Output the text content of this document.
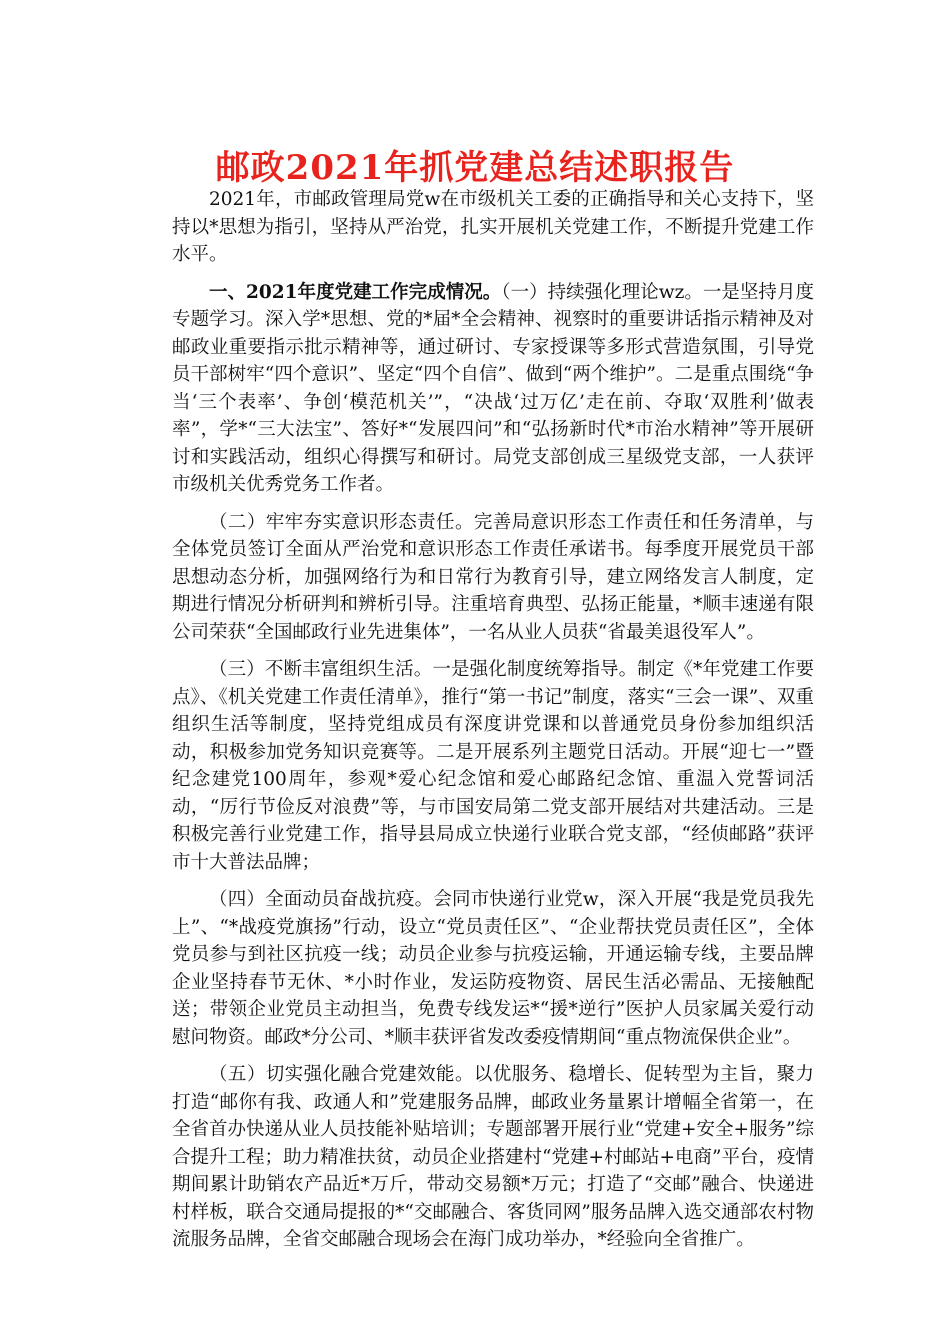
邮政2021年抓党建总结述职报告

2021年，市邮政管理局党w在市级机关工委的正确指导和关心支持下，坚持以*思想为指引，坚持从严治党，扎实开展机关党建工作，不断提升党建工作水平。

一、2021年度党建工作完成情况。（一）持续强化理论wz。一是坚持月度专题学习。深入学*思想、党的*届*全会精神、视察时的重要讲话指示精神及对邮政业重要指示批示精神等，通过研讨、专家授课等多形式营造氛围，引导党员干部树牢“四个意识”、坚定“四个自信”、做到“两个维护”。二是重点围绕“争当‘三个表率’、争创‘模范机关’”，“决战‘过万亿’走在前、夺取‘双胜利’做表率”，学*“三大法宝”、答好*“发展四问”和“弘扬新时代*市治水精神”等开展研讨和实践活动，组织心得撰写和研讨。局党支部创成三星级党支部，一人获评市级机关优秀党务工作者。

（二）牢牢夯实意识形态责任。完善局意识形态工作责任和任务清单，与全体党员签订全面从严治党和意识形态工作责任承诺书。每季度开展党员干部思想动态分析，加强网络行为和日常行为教育引导，建立网络发言人制度，定期进行情况分析研判和辨析引导。注重培育典型、弘扬正能量，*顺丰速递有限公司荣获“全国邮政行业先进集体”，一名从业人员获“省最美退役军人”。

（三）不断丰富组织生活。一是强化制度统筹指导。制定《*年党建工作要点》、《机关党建工作责任清单》，推行“第一书记”制度，落实“三会一课”、双重组织生活等制度，坚持党组成员有深度讲党课和以普通党员身份参加组织活动，积极参加党务知识竞赛等。二是开展系列主题党日活动。开展“迎七一”暨纪念建党100周年，参观*爱心纪念馆和爱心邮路纪念馆、重温入党誓词活动，“厉行节俭反对浪费”等，与市国安局第二党支部开展结对共建活动。三是积极完善行业党建工作，指导县局成立快递行业联合党支部，“经侦邮路”获评市十大普法品牌；

（四）全面动员奋战抗疫。会同市快递行业党w，深入开展“我是党员我先上”、“*战疫党旗扬”行动，设立“党员责任区”、“企业帮扶党员责任区”，全体党员参与到社区抗疫一线；动员企业参与抗疫运输，开通运输专线，主要品牌企业坚持春节无休、*小时作业，发运防疫物资、居民生活必需品、无接触配送；带领企业党员主动担当，免费专线发运*“援*逆行”医护人员家属关爱行动慰问物资。邮政*分公司、*顺丰获评省发改委疫情期间“重点物流保供企业”。

（五）切实强化融合党建效能。以优服务、稳增长、促转型为主旨，聚力打造“邮你有我、政通人和”党建服务品牌，邮政业务量累计增幅全省第一，在全省首办快递从业人员技能补贴培训；专题部署开展行业“党建+安全+服务”综合提升工程；助力精准扶贫，动员企业搭建村“党建+村邮站+电商”平台，疫情期间累计助销农产品近*万斤，带动交易额*万元；打造了“交邮”融合、快递进村样板，联合交通局提报的*“交邮融合、客货同网”服务品牌入选交通部农村物流服务品牌，全省交邮融合现场会在海门成功举办，*经验向全省推广。
